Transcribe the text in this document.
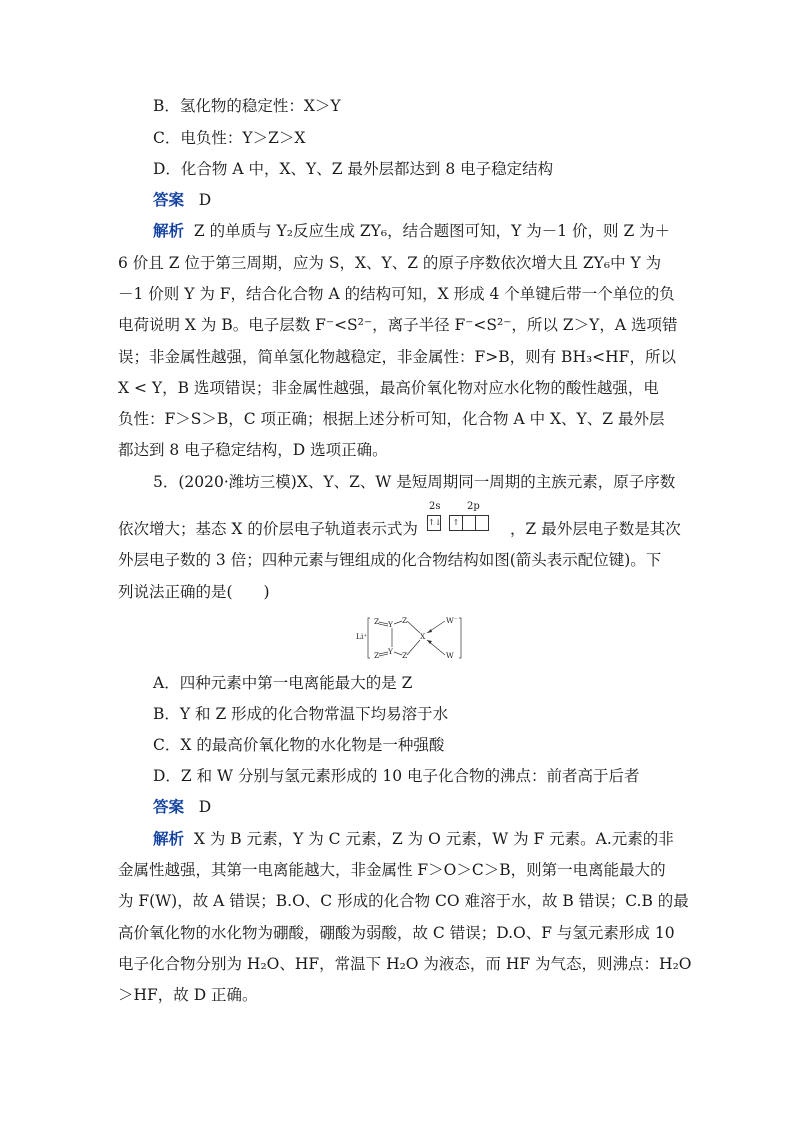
B．氢化物的稳定性：X＞Y
C．电负性：Y＞Z＞X
D．化合物 A 中，X、Y、Z 最外层都达到 8 电子稳定结构
答案 D
解析 Z 的单质与 Y₂反应生成 ZY₆，结合题图可知，Y 为－1 价，则 Z 为＋
6 价且 Z 位于第三周期，应为 S，X、Y、Z 的原子序数依次增大且 ZY₆中 Y 为
－1 价则 Y 为 F，结合化合物 A 的结构可知，X 形成 4 个单键后带一个单位的负
电荷说明 X 为 B。电子层数 F⁻<S²⁻，离子半径 F⁻<S²⁻，所以 Z＞Y，A 选项错
误；非金属性越强，简单氢化物越稳定，非金属性：F>B，则有 BH₃<HF，所以
X < Y，B 选项错误；非金属性越强，最高价氧化物对应水化物的酸性越强，电
负性：F＞S＞B，C 项正确；根据上述分析可知，化合物 A 中 X、Y、Z 最外层
都达到 8 电子稳定结构，D 选项正确。
5．(2020·潍坊三模)X、Y、Z、W 是短周期同一周期的主族元素，原子序数
依次增大；基态 X 的价层电子轨道表示式为
2s	2p
↑↓	↑	，Z 最外层电子数是其次
外层电子数的 3 倍；四种元素与锂组成的化合物结构如图(箭头表示配位键)。下
列说法正确的是(　　)
Li⁺
Z
Z
Y
Y
Z
Z
X
W
W
－
A．四种元素中第一电离能最大的是 Z
B．Y 和 Z 形成的化合物常温下均易溶于水
C．X 的最高价氧化物的水化物是一种强酸
D．Z 和 W 分别与氢元素形成的 10 电子化合物的沸点：前者高于后者
答案 D
解析 X 为 B 元素，Y 为 C 元素，Z 为 O 元素，W 为 F 元素。A.元素的非
金属性越强，其第一电离能越大，非金属性 F＞O＞C＞B，则第一电离能最大的
为 F(W)，故 A 错误；B.O、C 形成的化合物 CO 难溶于水，故 B 错误；C.B 的最
高价氧化物的水化物为硼酸，硼酸为弱酸，故 C 错误；D.O、F 与氢元素形成 10
电子化合物分别为 H₂O、HF，常温下 H₂O 为液态，而 HF 为气态，则沸点：H₂O
＞HF，故 D 正确。
